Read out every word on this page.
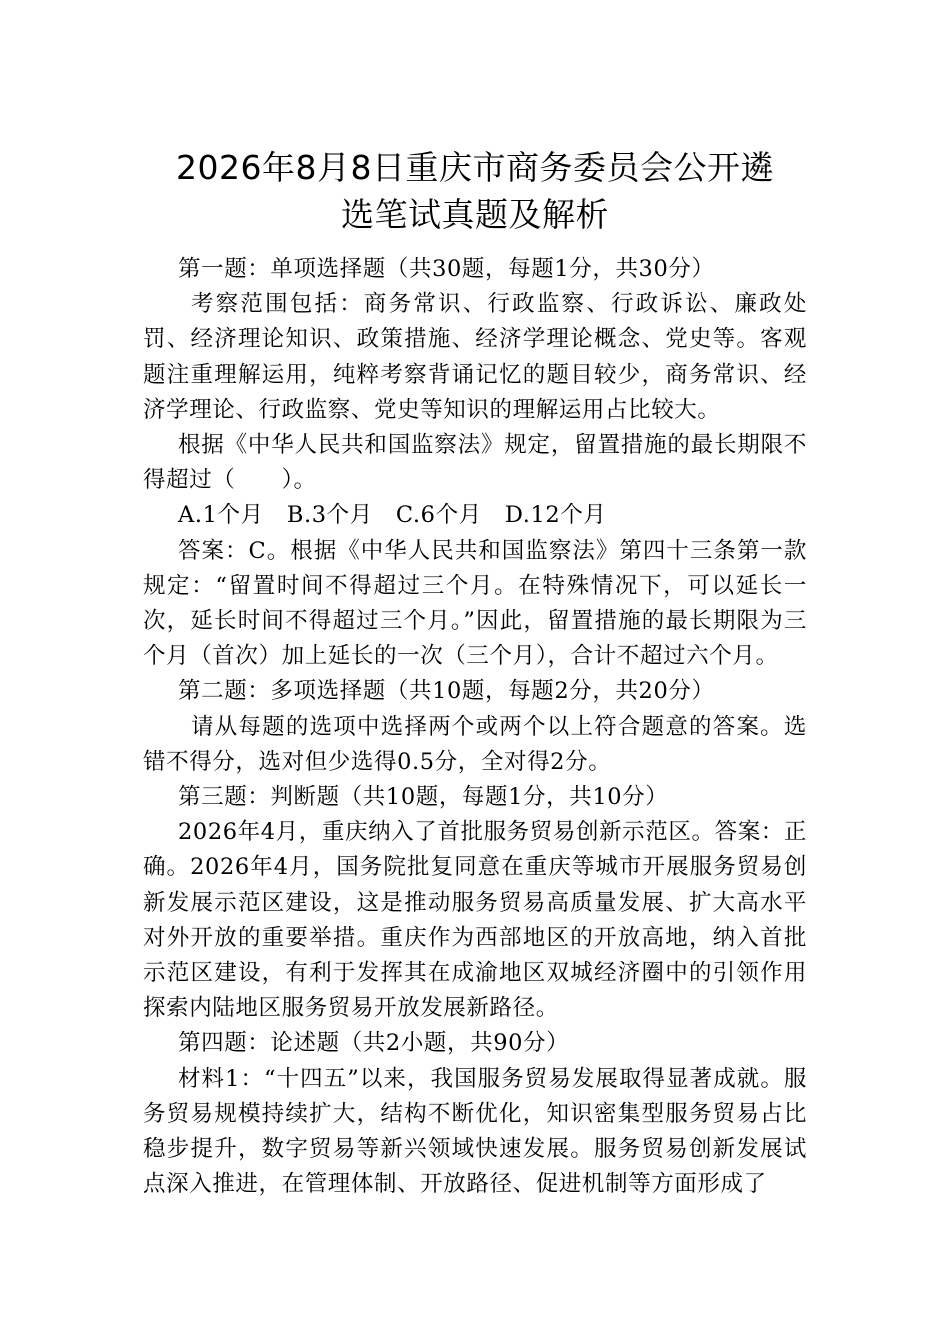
2026年8月8日重庆市商务委员会公开遴
选笔试真题及解析

第一题：单项选择题（共30题，每题1分，共30分）

考察范围包括：商务常识、行政监察、行政诉讼、廉政处罚、经济理论知识、政策措施、经济学理论概念、党史等。客观题注重理解运用，纯粹考察背诵记忆的题目较少，商务常识、经济学理论、行政监察、党史等知识的理解运用占比较大。

根据《中华人民共和国监察法》规定，留置措施的最长期限不得超过（　　）。

A.1个月　B.3个月　C.6个月　D.12个月

答案：C。根据《中华人民共和国监察法》第四十三条第一款规定：“留置时间不得超过三个月。在特殊情况下，可以延长一次，延长时间不得超过三个月。”因此，留置措施的最长期限为三个月（首次）加上延长的一次（三个月），合计不超过六个月。

第二题：多项选择题（共10题，每题2分，共20分）

请从每题的选项中选择两个或两个以上符合题意的答案。选错不得分，选对但少选得0.5分，全对得2分。

第三题：判断题（共10题，每题1分，共10分）

2026年4月，重庆纳入了首批服务贸易创新示范区。答案：正确。2026年4月，国务院批复同意在重庆等城市开展服务贸易创新发展示范区建设，这是推动服务贸易高质量发展、扩大高水平对外开放的重要举措。重庆作为西部地区的开放高地，纳入首批示范区建设，有利于发挥其在成渝地区双城经济圈中的引领作用探索内陆地区服务贸易开放发展新路径。

第四题：论述题（共2小题，共90分）

材料1：“十四五”以来，我国服务贸易发展取得显著成就。服务贸易规模持续扩大，结构不断优化，知识密集型服务贸易占比稳步提升，数字贸易等新兴领域快速发展。服务贸易创新发展试点深入推进，在管理体制、开放路径、促进机制等方面形成了
